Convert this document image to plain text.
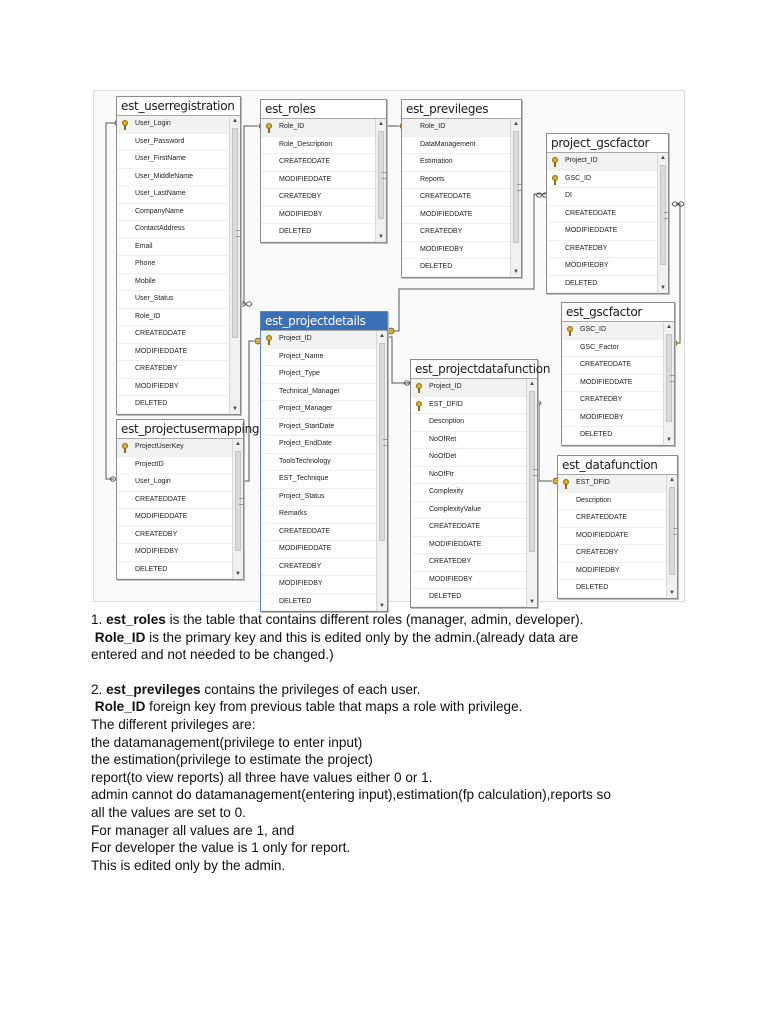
est_userregistration
User_Login
User_Password
User_FirstName
User_MiddleName
User_LastName
CompanyName
ContactAddress
Email
Phone
Mobile
User_Status
Role_ID
CREATEDDATE
MODIFIEDDATE
CREATEDBY
MODIFIEDBY
DELETED
▲
▼
est_roles
Role_ID
Role_Description
CREATEDDATE
MODIFIEDDATE
CREATEDBY
MODIFIEDBY
DELETED
▲
▼
est_previleges
Role_ID
DataManagement
Estimation
Reports
CREATEDDATE
MODIFIEDDATE
CREATEDBY
MODIFIEDBY
DELETED
▲
▼
project_gscfactor
Project_ID
GSC_ID
DI
CREATEDDATE
MODIFIEDDATE
CREATEDBY
MODIFIEDBY
DELETED
▲
▼
est_projectdetails
Project_ID
Project_Name
Project_Type
Technical_Manager
Project_Manager
Project_StartDate
Project_EndDate
ToolsTechnology
EST_Technique
Project_Status
Remarks
CREATEDDATE
MODIFIEDDATE
CREATEDBY
MODIFIEDBY
DELETED
▲
▼
est_gscfactor
GSC_ID
GSC_Factor
CREATEDDATE
MODIFIEDDATE
CREATEDBY
MODIFIEDBY
DELETED
▲
▼
est_projectdatafunction
Project_ID
EST_DFID
Description
NoOfRet
NoOfDet
NoOfFtr
Complexity
ComplexityValue
CREATEDDATE
MODIFIEDDATE
CREATEDBY
MODIFIEDBY
DELETED
▲
▼
est_projectusermapping
ProjectUserKey
ProjectID
User_Login
CREATEDDATE
MODIFIEDDATE
CREATEDBY
MODIFIEDBY
DELETED
▲
▼
est_datafunction
EST_DFID
Description
CREATEDDATE
MODIFIEDDATE
CREATEDBY
MODIFIEDBY
DELETED
▲
▼

1. est_roles is the table that contains different roles (manager, admin, developer).

Role_ID is the primary key and this is edited only by the admin.(already data are

entered and not needed to be changed.)

2. est_previleges contains the privileges of each user.

Role_ID foreign key from previous table that maps a role with privilege.

The different privileges are:

the datamanagement(privilege to enter input)

the estimation(privilege to estimate the project)

report(to view reports) all three have values either 0 or 1.

admin cannot do datamanagement(entering input),estimation(fp calculation),reports so

all the values are set to 0.

For manager all values are 1, and

For developer the value is 1 only for report.

This is edited only by the admin.
